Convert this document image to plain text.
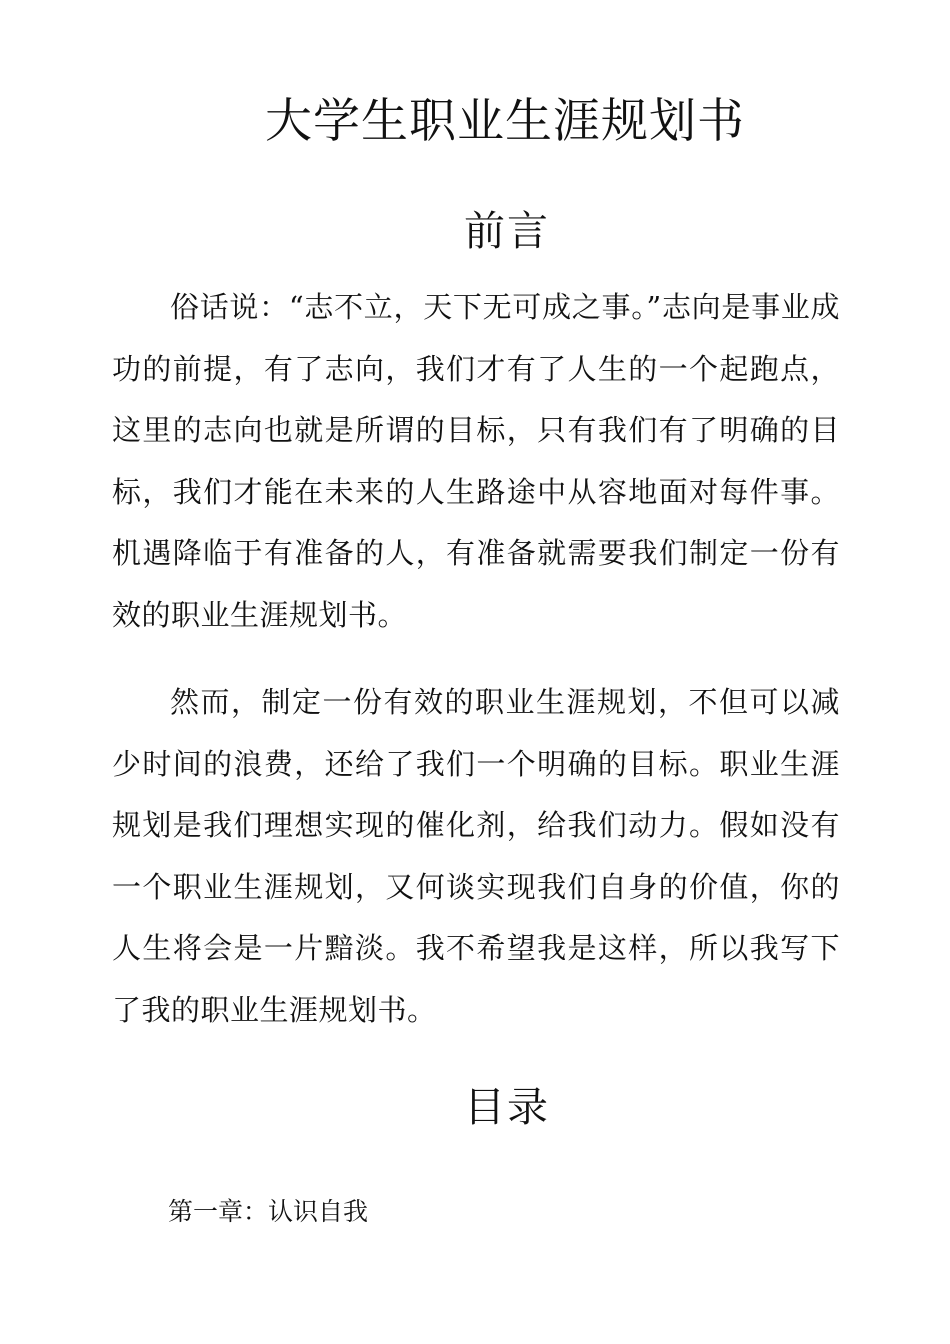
大学生职业生涯规划书
前言

俗话说：“志不立，天下无可成之事。”志向是事业成功的前提，有了志向，我们才有了人生的一个起跑点，这里的志向也就是所谓的目标，只有我们有了明确的目标，我们才能在未来的人生路途中从容地面对每件事。机遇降临于有准备的人，有准备就需要我们制定一份有效的职业生涯规划书。

然而，制定一份有效的职业生涯规划，不但可以减少时间的浪费，还给了我们一个明确的目标。职业生涯规划是我们理想实现的催化剂，给我们动力。假如没有一个职业生涯规划，又何谈实现我们自身的价值，你的人生将会是一片黯淡。我不希望我是这样，所以我写下了我的职业生涯规划书。

目录
第一章：认识自我
